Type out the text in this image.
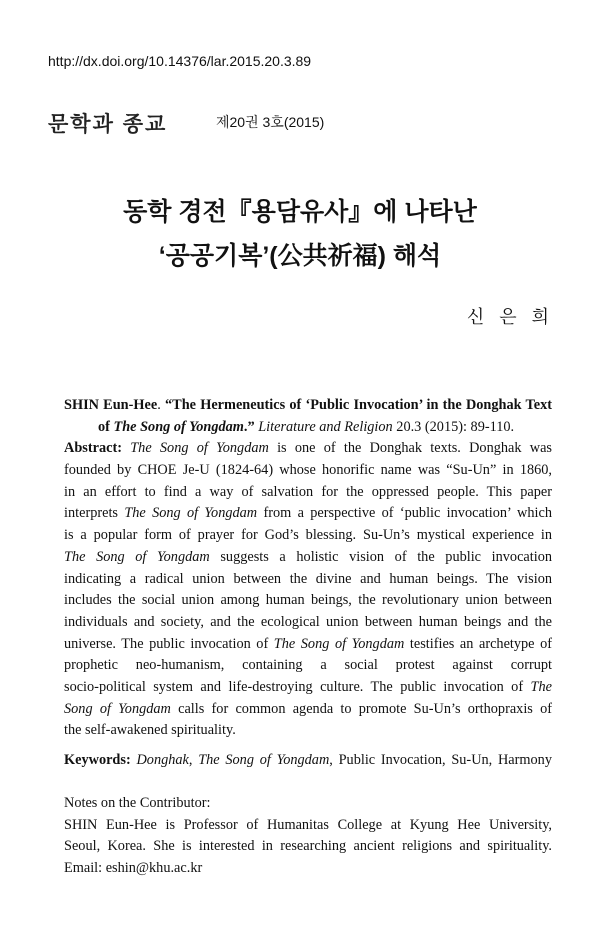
http://dx.doi.org/10.14376/lar.2015.20.3.89
문학과 종교	제20권 3호(2015)
동학 경전『용담유사』에 나타난
‘공공기복’(公共祈福) 해석
신 은 희
SHIN Eun-Hee. “The Hermeneutics of ‘Public Invocation’ in the Donghak Text
of The Song of Yongdam.” Literature and Religion 20.3 (2015): 89-110.
Abstract: The Song of Yongdam is one of the Donghak texts. Donghak was
founded by CHOE Je-U (1824-64) whose honorific name was “Su-Un” in 1860,
in an effort to find a way of salvation for the oppressed people. This paper
interprets The Song of Yongdam from a perspective of ‘public invocation’ which
is a popular form of prayer for God’s blessing. Su-Un’s mystical experience in
The Song of Yongdam suggests a holistic vision of the public invocation
indicating a radical union between the divine and human beings. The vision
includes the social union among human beings, the revolutionary union between
individuals and society, and the ecological union between human beings and the
universe. The public invocation of The Song of Yongdam testifies an archetype of
prophetic neo-humanism, containing a social protest against corrupt
socio-political system and life-destroying culture. The public invocation of The
Song of Yongdam calls for common agenda to promote Su-Un’s orthopraxis of
the self-awakened spirituality.
Keywords: Donghak, The Song of Yongdam, Public Invocation, Su-Un, Harmony
Notes on the Contributor:
SHIN Eun-Hee is Professor of Humanitas College at Kyung Hee University,
Seoul, Korea. She is interested in researching ancient religions and spirituality.
Email: eshin@khu.ac.kr
